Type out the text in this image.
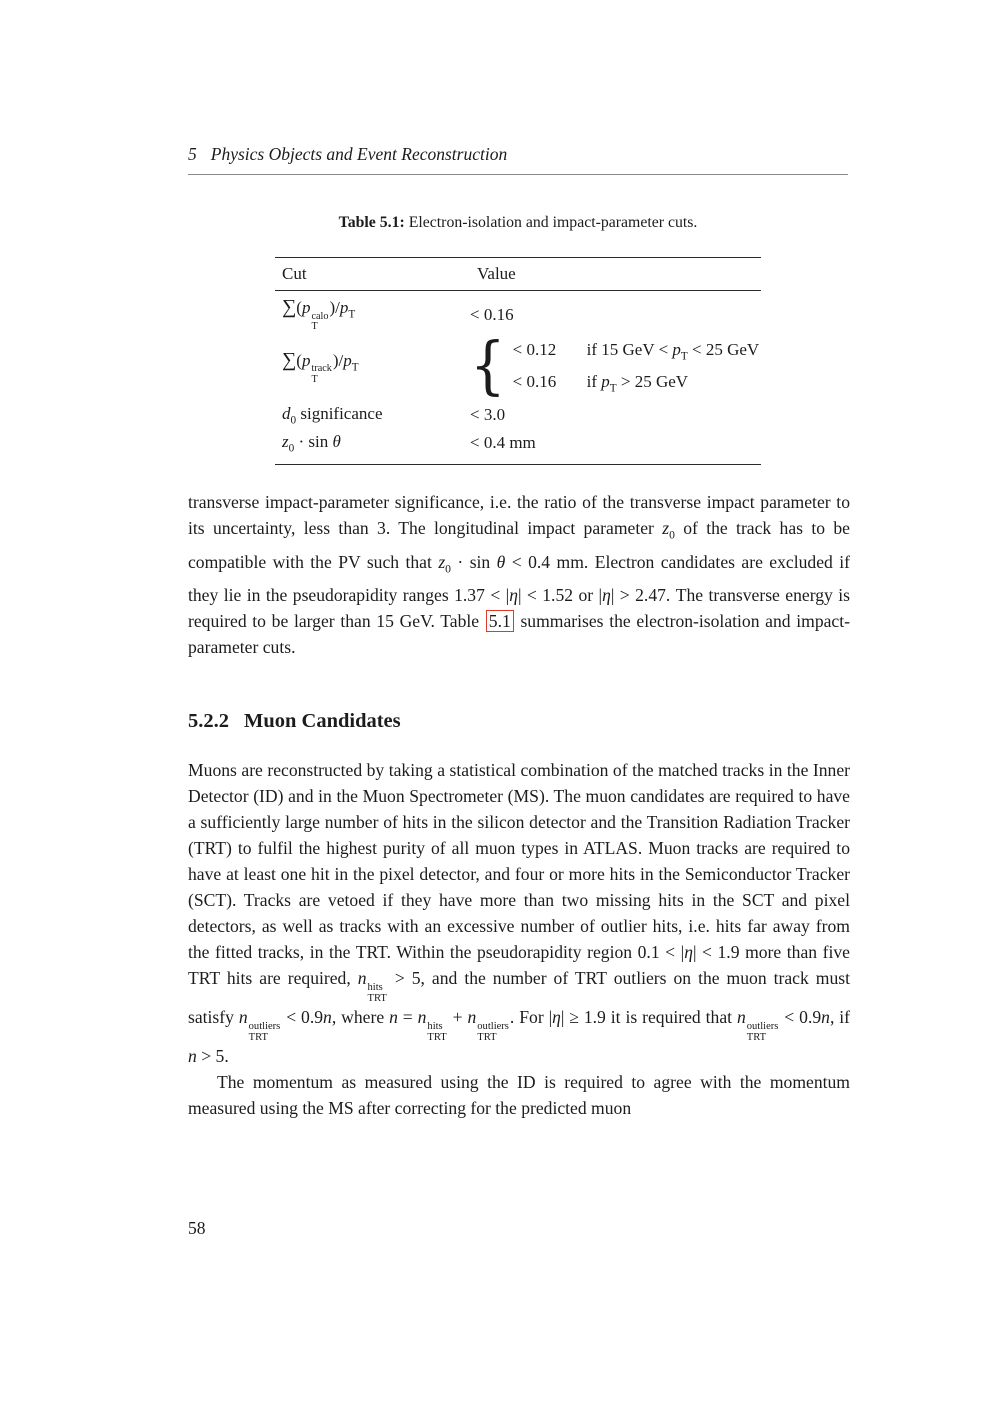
5 Physics Objects and Event Reconstruction
Table 5.1: Electron-isolation and impact-parameter cuts.
Cut	Value
∑(p calo
T
)$/p_T$	< 0.16
∑(p track
T
)$/p_T$	{ < 0.12	if 15 GeV < $p_T < 25$ GeV
< 0.16	if $p_T > 25$ GeV
$d_0$ significance	< 3.0
$z_0 \cdot \sin \theta$	< 0.4 mm

transverse impact-parameter significance, i.e. the ratio of the transverse impact parameter to its uncertainty, less than 3. The longitudinal impact parameter $z_0$ of the track has to be compatible with the PV such that $z_0 \cdot \sin \theta < 0.4$ mm. Electron candidates are excluded if they lie in the pseudorapidity ranges 1.37 < |η| < 1.52 or |η| > 2.47. The transverse energy is required to be larger than 15 GeV. Table 5.1 summarises the electron-isolation and impact-parameter cuts.

5.2.2 Muon Candidates

Muons are reconstructed by taking a statistical combination of the matched tracks in the Inner Detector (ID) and in the Muon Spectrometer (MS). The muon candidates are required to have a sufficiently large number of hits in the silicon detector and the Transition Radiation Tracker (TRT) to fulfil the highest purity of all muon types in ATLAS. Muon tracks are required to have at least one hit in the pixel detector, and four or more hits in the Semiconductor Tracker (SCT). Tracks are vetoed if they have more than two missing hits in the SCT and pixel detectors, as well as tracks with an excessive number of outlier hits, i.e. hits far away from the fitted tracks, in the TRT. Within the pseudorapidity region 0.1 < |η| < 1.9 more than five TRT hits are required, n hits
TRT
> 5, and the number of TRT outliers on the muon track must satisfy n outliers
TRT
< 0.9n, where n = n hits
TRT
+ n outliers
TRT
. For |η| ≥ 1.9 it is required that n outliers
TRT
< 0.9n, if n > 5.

The momentum as measured using the ID is required to agree with the momentum measured using the MS after correcting for the predicted muon

58
